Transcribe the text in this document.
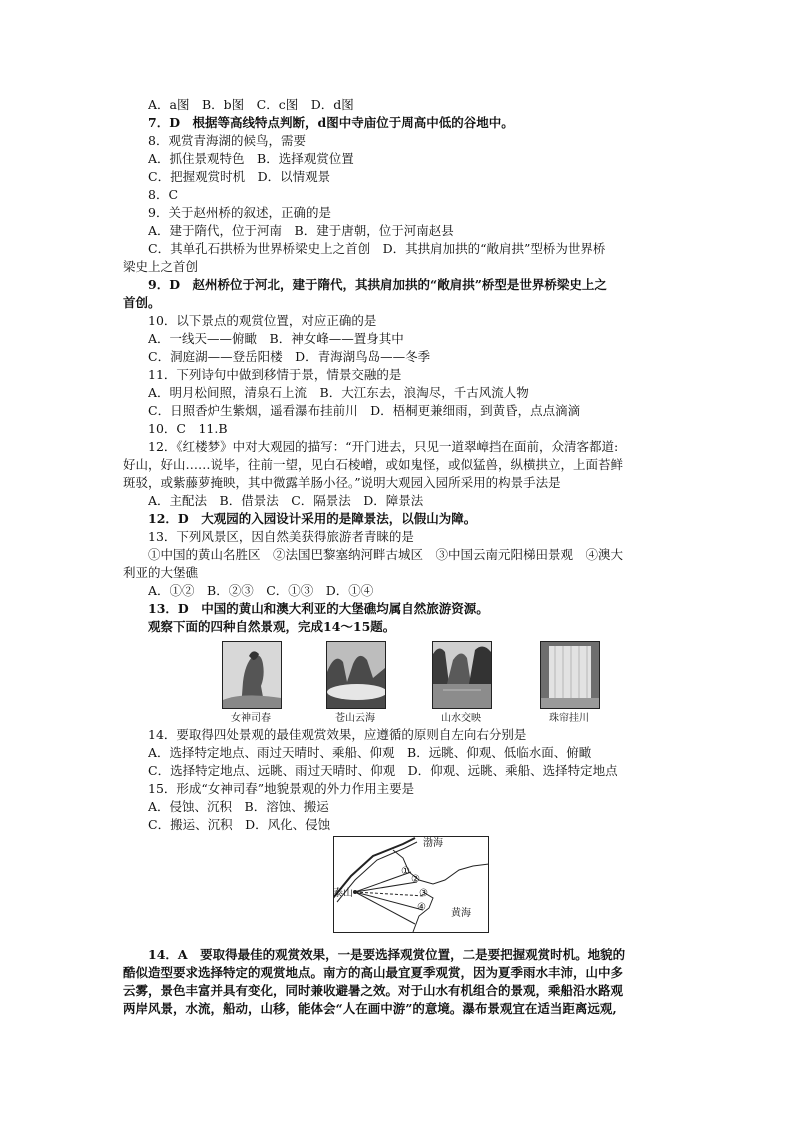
A．a图　B．b图　C．c图　D．d图
7．D　根据等高线特点判断，d图中寺庙位于周高中低的谷地中。
8．观赏青海湖的候鸟，需要
A．抓住景观特色　B．选择观赏位置
C．把握观赏时机　D．以情观景
8．C
9．关于赵州桥的叙述，正确的是
A．建于隋代，位于河南　B．建于唐朝，位于河南赵县
C．其单孔石拱桥为世界桥梁史上之首创　D．其拱肩加拱的“敞肩拱”型桥为世界桥
梁史上之首创
9．D　赵州桥位于河北，建于隋代，其拱肩加拱的“敞肩拱”桥型是世界桥梁史上之
首创。
10．以下景点的观赏位置，对应正确的是
A．一线天——俯瞰　B．神女峰——置身其中
C．洞庭湖——登岳阳楼　D．青海湖鸟岛——冬季
11．下列诗句中做到移情于景，情景交融的是
A．明月松间照，清泉石上流　B．大江东去，浪淘尽，千古风流人物
C．日照香炉生紫烟，遥看瀑布挂前川　D．梧桐更兼细雨，到黄昏，点点滴滴
10．C　11.B
12．《红楼梦》中对大观园的描写：“开门进去，只见一道翠嶂挡在面前，众清客都道:
好山，好山……说毕，往前一望，见白石棱嶒，或如鬼怪，或似猛兽，纵横拱立，上面苔鲜
斑驳，或紫藤萝掩映，其中微露羊肠小径。”说明大观园入园所采用的构景手法是
A．主配法　B．借景法　C．隔景法　D．障景法
12．D　大观园的入园设计采用的是障景法，以假山为障。
13．下列风景区，因自然美获得旅游者青睐的是
①中国的黄山名胜区　②法国巴黎塞纳河畔古城区　③中国云南元阳梯田景观　④澳大
利亚的大堡礁
A．①②　B．②③　C．①③　D．①④
13．D　中国的黄山和澳大利亚的大堡礁均属自然旅游资源。
观察下面的四种自然景观，完成14～15题。
女神司春	苍山云海	山水交映	珠帘挂川
14．要取得四处景观的最佳观赏效果，应遵循的原则自左向右分别是
A．选择特定地点、雨过天晴时、乘船、仰观　B．远眺、仰观、低临水面、俯瞰
C．选择特定地点、远眺、雨过天晴时、仰观　D．仰观、远眺、乘船、选择特定地点
15．形成“女神司春”地貌景观的外力作用主要是
A．侵蚀、沉积　B．溶蚀、搬运
C．搬运、沉积　D．风化、侵蚀
渤海
黄海
泰山
①
②
③
④
14．A　要取得最佳的观赏效果，一是要选择观赏位置，二是要把握观赏时机。地貌的
酷似造型要求选择特定的观赏地点。南方的高山最宜夏季观赏，因为夏季雨水丰沛，山中多
云雾，景色丰富并具有变化，同时兼收避暑之效。对于山水有机组合的景观，乘船沿水路观
两岸风景，水流，船动，山移，能体会“人在画中游”的意境。瀑布景观宜在适当距离远观,
